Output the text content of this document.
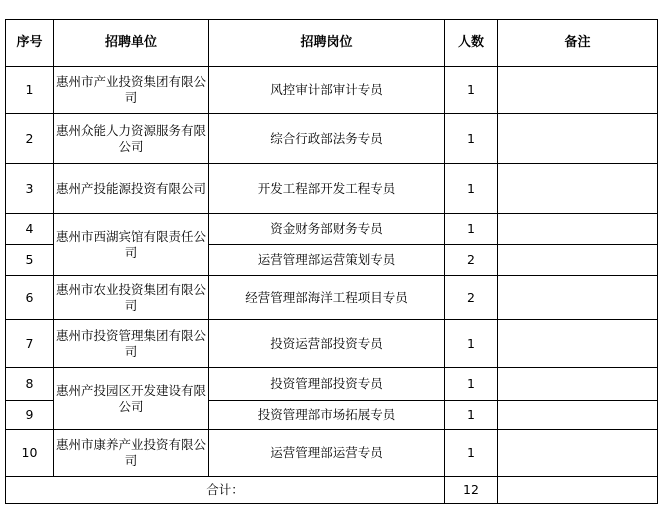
序号	招聘单位	招聘岗位	人数	备注
1	惠州市产业投资集团有限公司	风控审计部审计专员	1	
2	惠州众能人力资源服务有限公司	综合行政部法务专员	1	
3	惠州产投能源投资有限公司	开发工程部开发工程专员	1	
4	惠州市西湖宾馆有限责任公司	资金财务部财务专员	1	
5		运营管理部运营策划专员	2	
6	惠州市农业投资集团有限公司	经营管理部海洋工程项目专员	2	
7	惠州市投资管理集团有限公司	投资运营部投资专员	1	
8	惠州产投园区开发建设有限公司	投资管理部投资专员	1	
9		投资管理部市场拓展专员	1	
10	惠州市康养产业投资有限公司	运营管理部运营专员	1	
合计：			12	
